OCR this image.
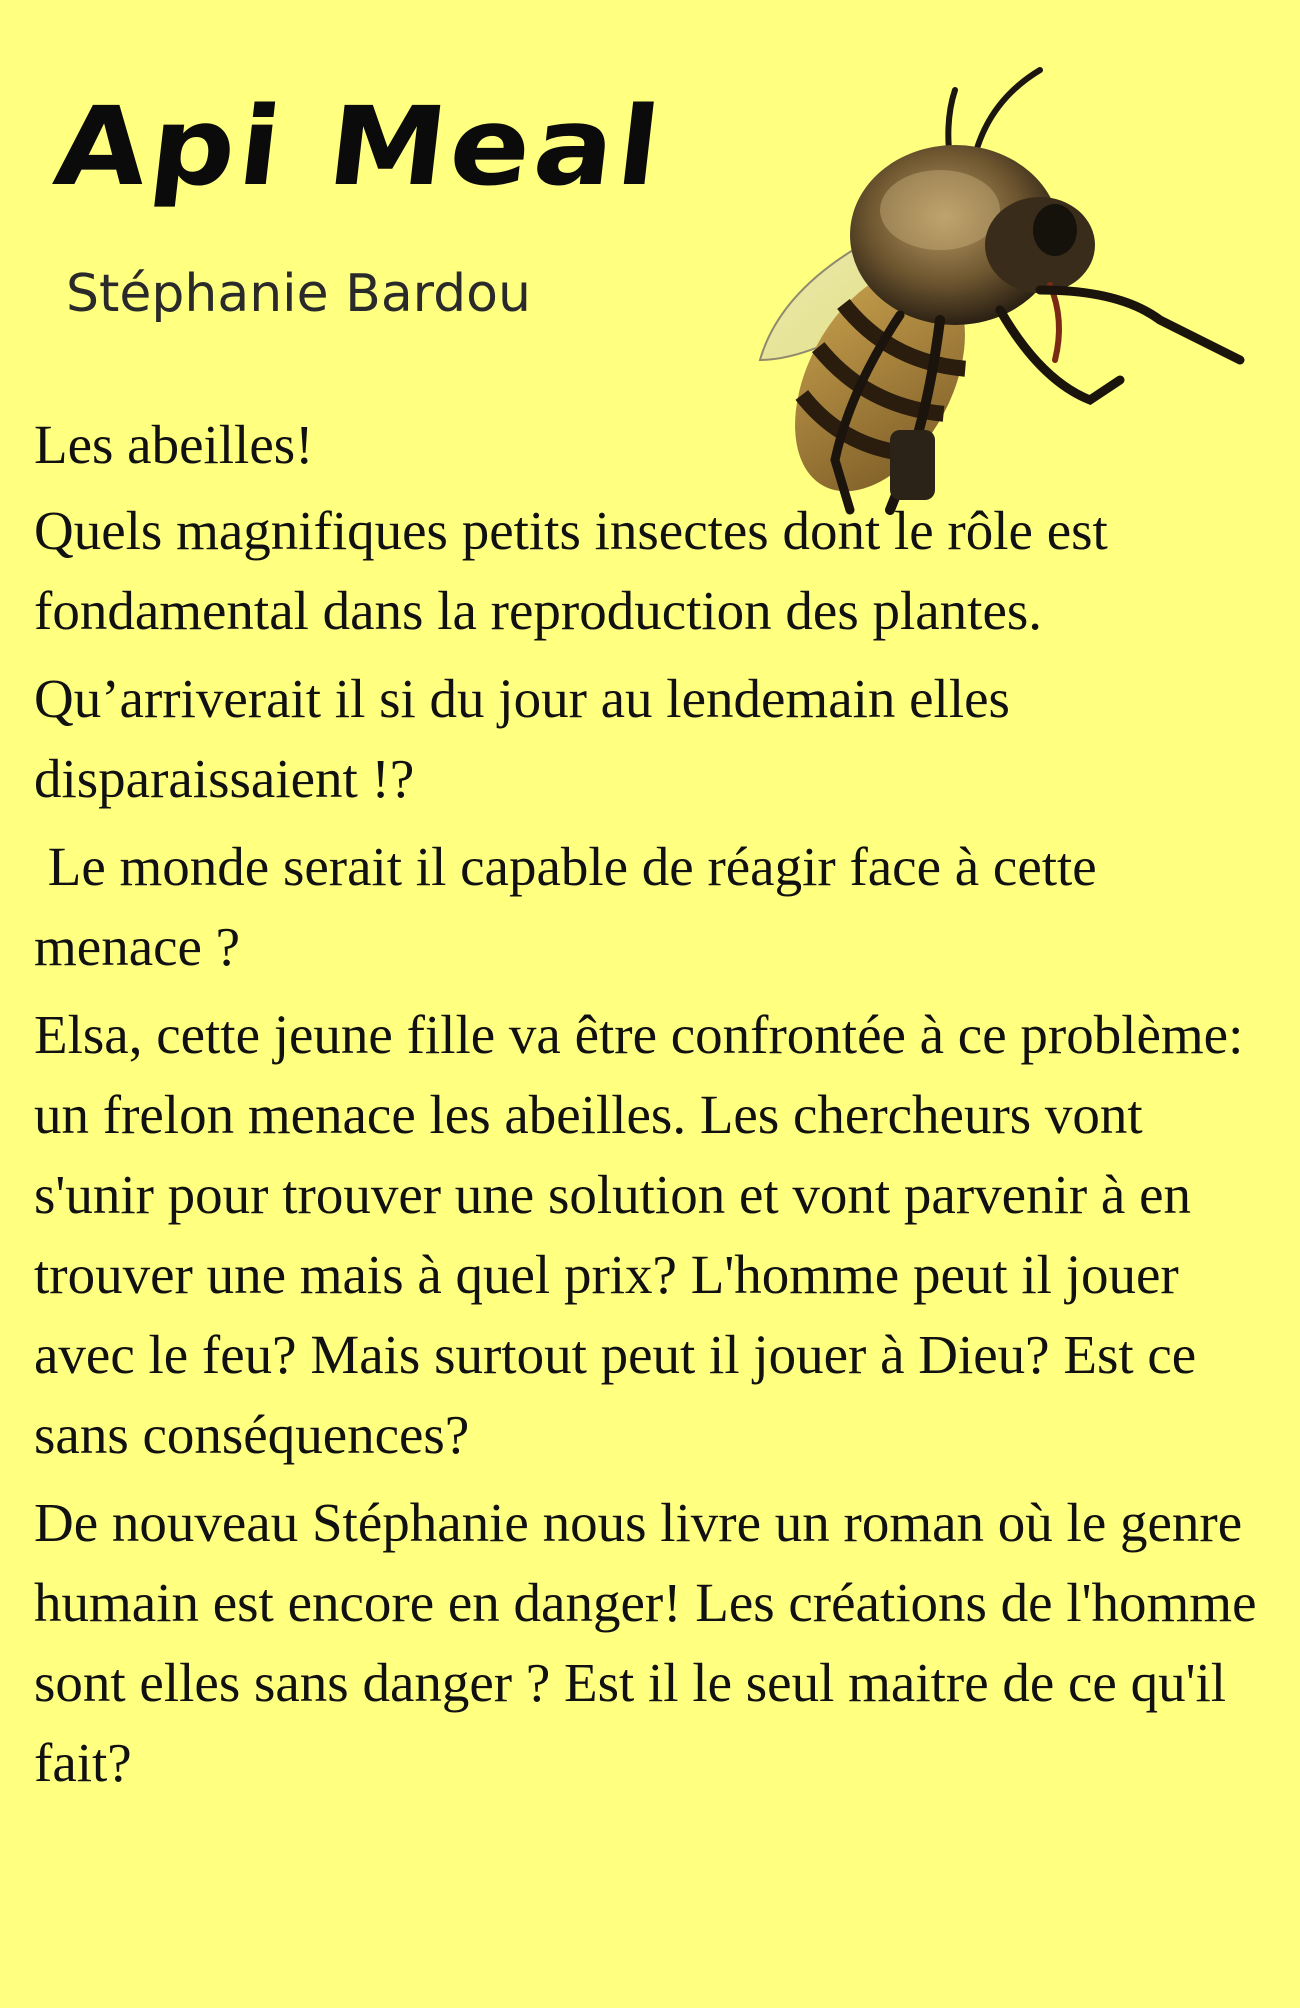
Api Meal
Stéphanie Bardou

Les abeilles!

Quels magnifiques petits insectes dont le rôle est fondamental dans la reproduction des plantes.

Qu’arriverait il si du jour au lendemain elles disparaissaient !?

Le monde serait il capable de réagir face à cette menace ?

Elsa, cette jeune fille va être confrontée à ce problème: un frelon menace les abeilles. Les chercheurs vont s'unir pour trouver une solution et vont parvenir à en trouver une mais à quel prix? L'homme peut il jouer avec le feu? Mais surtout peut il jouer à Dieu? Est ce sans conséquences?

De nouveau Stéphanie nous livre un roman où le genre humain est encore en danger! Les créations de l'homme sont elles sans danger ? Est il le seul maitre de ce qu'il fait?
